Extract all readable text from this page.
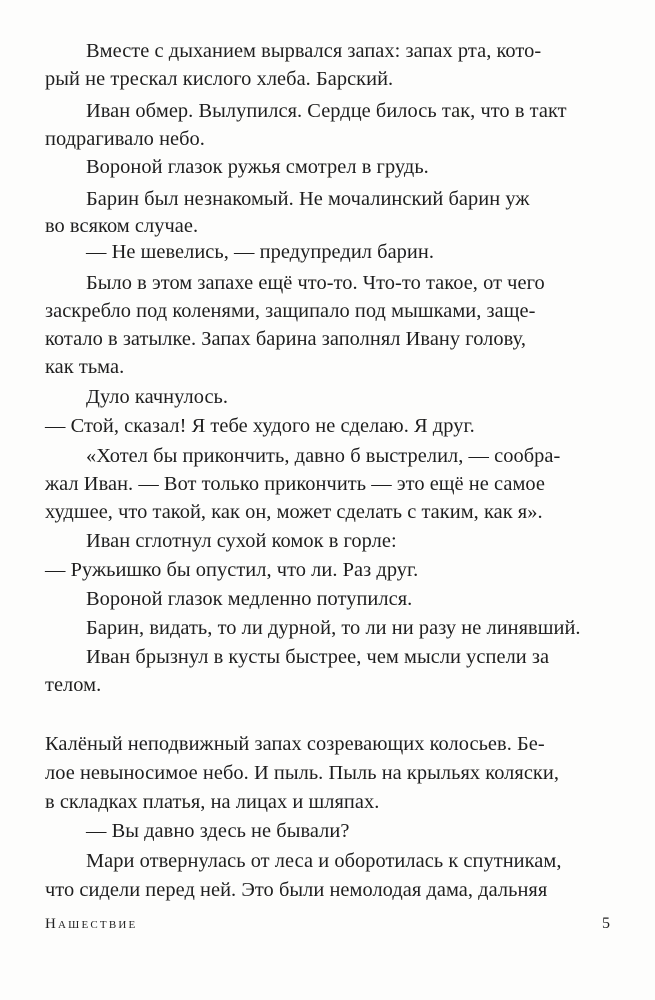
Вместе с дыханием вырвался запах: запах рта, кото-
рый не трескал кислого хлеба. Барский.
Иван обмер. Вылупился. Сердце билось так, что в такт
подрагивало небо.
Вороной глазок ружья смотрел в грудь.
Барин был незнакомый. Не мочалинский барин уж
во всяком случае.
— Не шевелись, — предупредил барин.
Было в этом запахе ещё что-то. Что-то такое, от чего
заскребло под коленями, защипало под мышками, заще-
котало в затылке. Запах барина заполнял Ивану голову,
как тьма.
Дуло качнулось.
— Стой, сказал! Я тебе худого не сделаю. Я друг.
«Хотел бы прикончить, давно б выстрелил, — сообра-
жал Иван. — Вот только прикончить — это ещё не самое
худшее, что такой, как он, может сделать с таким, как я».
Иван сглотнул сухой комок в горле:
— Ружьишко бы опустил, что ли. Раз друг.
Вороной глазок медленно потупился.
Барин, видать, то ли дурной, то ли ни разу не линявший.
Иван брызнул в кусты быстрее, чем мысли успели за
телом.
Калёный неподвижный запах созревающих колосьев. Бе-
лое невыносимое небо. И пыль. Пыль на крыльях коляски,
в складках платья, на лицах и шляпах.
— Вы давно здесь не бывали?
Мари отвернулась от леса и оборотилась к спутникам,
что сидели перед ней. Это были немолодая дама, дальняя
Нашествие	5
